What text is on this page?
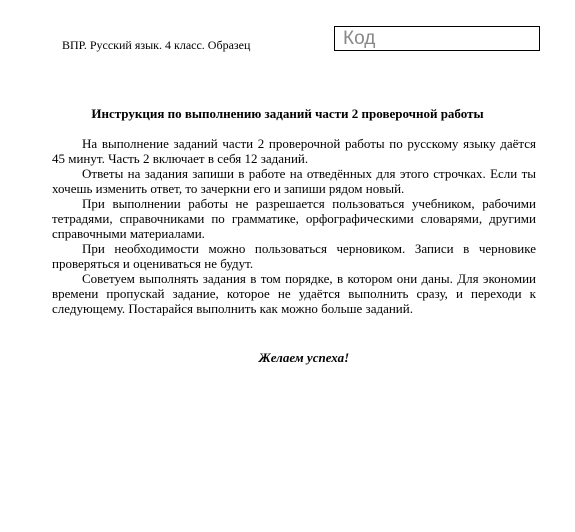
ВПР. Русский язык. 4 класс. Образец	Код
Инструкция по выполнению заданий части 2 проверочной работы

На выполнение заданий части 2 проверочной работы по русскому языку даётся 45 минут. Часть 2 включает в себя 12 заданий.

Ответы на задания запиши в работе на отведённых для этого строчках. Если ты хочешь изменить ответ, то зачеркни его и запиши рядом новый.

При выполнении работы не разрешается пользоваться учебником, рабочими тетрадями, справочниками по грамматике, орфографическими словарями, другими справочными материалами.

При необходимости можно пользоваться черновиком. Записи в черновике проверяться и оцениваться не будут.

Советуем выполнять задания в том порядке, в котором они даны. Для экономии времени пропускай задание, которое не удаётся выполнить сразу, и переходи к следующему. Постарайся выполнить как можно больше заданий.

Желаем успеха!
